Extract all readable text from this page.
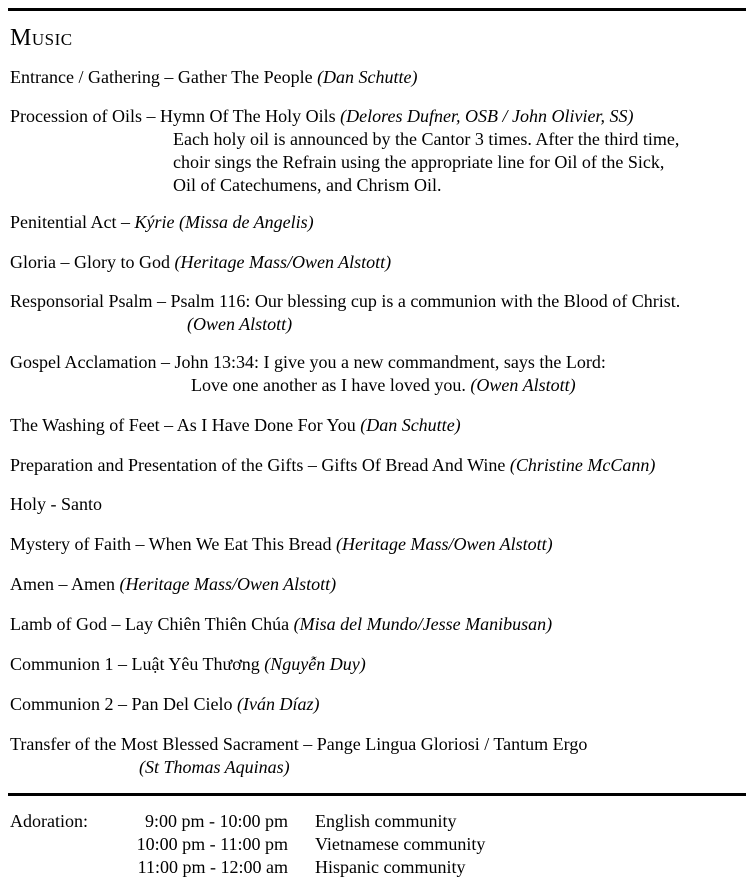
Music
Entrance / Gathering – Gather The People (Dan Schutte)
Procession of Oils – Hymn Of The Holy Oils (Delores Dufner, OSB / John Olivier, SS)
Each holy oil is announced by the Cantor 3 times. After the third time,
choir sings the Refrain using the appropriate line for Oil of the Sick,
Oil of Catechumens, and Chrism Oil.
Penitential Act – Kýrie (Missa de Angelis)
Gloria – Glory to God (Heritage Mass/Owen Alstott)
Responsorial Psalm – Psalm 116: Our blessing cup is a communion with the Blood of Christ.
(Owen Alstott)
Gospel Acclamation – John 13:34: I give you a new commandment, says the Lord:
Love one another as I have loved you. (Owen Alstott)
The Washing of Feet – As I Have Done For You (Dan Schutte)
Preparation and Presentation of the Gifts – Gifts Of Bread And Wine (Christine McCann)
Holy - Santo
Mystery of Faith – When We Eat This Bread (Heritage Mass/Owen Alstott)
Amen – Amen (Heritage Mass/Owen Alstott)
Lamb of God – Lay Chiên Thiên Chúa (Misa del Mundo/Jesse Manibusan)
Communion 1 – Luật Yêu Thương (Nguyễn Duy)
Communion 2 – Pan Del Cielo (Iván Díaz)
Transfer of the Most Blessed Sacrament – Pange Lingua Gloriosi / Tantum Ergo
(St Thomas Aquinas)
Adoration:	9:00 pm - 10:00 pm English community
10:00 pm - 11:00 pm Vietnamese community
11:00 pm - 12:00 am Hispanic community
